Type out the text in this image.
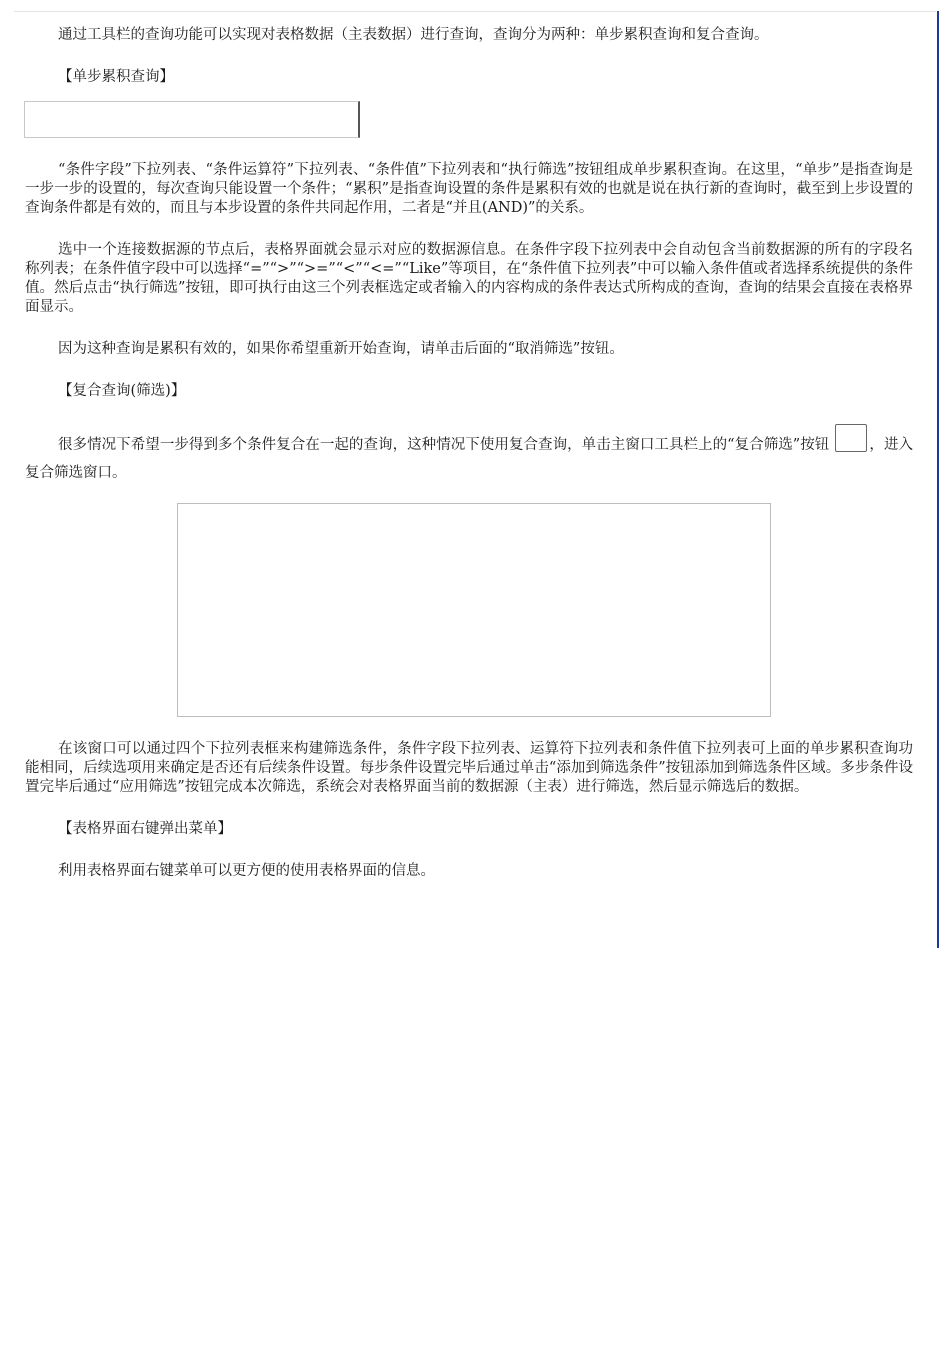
通过工具栏的查询功能可以实现对表格数据（主表数据）进行查询，查询分为两种：单步累积查询和复合查询。

【单步累积查询】

“条件字段”下拉列表、“条件运算符”下拉列表、“条件值”下拉列表和“执行筛选”按钮组成单步累积查询。在这里，“单步”是指查询是一步一步的设置的，每次查询只能设置一个条件；“累积”是指查询设置的条件是累积有效的也就是说在执行新的查询时，截至到上步设置的查询条件都是有效的，而且与本步设置的条件共同起作用，二者是“并且(AND)”的关系。

选中一个连接数据源的节点后，表格界面就会显示对应的数据源信息。在条件字段下拉列表中会自动包含当前数据源的所有的字段名称列表；在条件值字段中可以选择“=”“>”“>=”“<”“<=”“Like”等项目，在“条件值下拉列表”中可以输入条件值或者选择系统提供的条件值。然后点击“执行筛选”按钮，即可执行由这三个列表框选定或者输入的内容构成的条件表达式所构成的查询，查询的结果会直接在表格界面显示。

因为这种查询是累积有效的，如果你希望重新开始查询，请单击后面的“取消筛选”按钮。

【复合查询(筛选)】

很多情况下希望一步得到多个条件复合在一起的查询，这种情况下使用复合查询，单击主窗口工具栏上的“复合筛选”按钮	，进入复合筛选窗口。

在该窗口可以通过四个下拉列表框来构建筛选条件，条件字段下拉列表、运算符下拉列表和条件值下拉列表可上面的单步累积查询功能相同，后续选项用来确定是否还有后续条件设置。每步条件设置完毕后通过单击“添加到筛选条件”按钮添加到筛选条件区域。多步条件设置完毕后通过“应用筛选”按钮完成本次筛选，系统会对表格界面当前的数据源（主表）进行筛选，然后显示筛选后的数据。

【表格界面右键弹出菜单】

利用表格界面右键菜单可以更方便的使用表格界面的信息。
